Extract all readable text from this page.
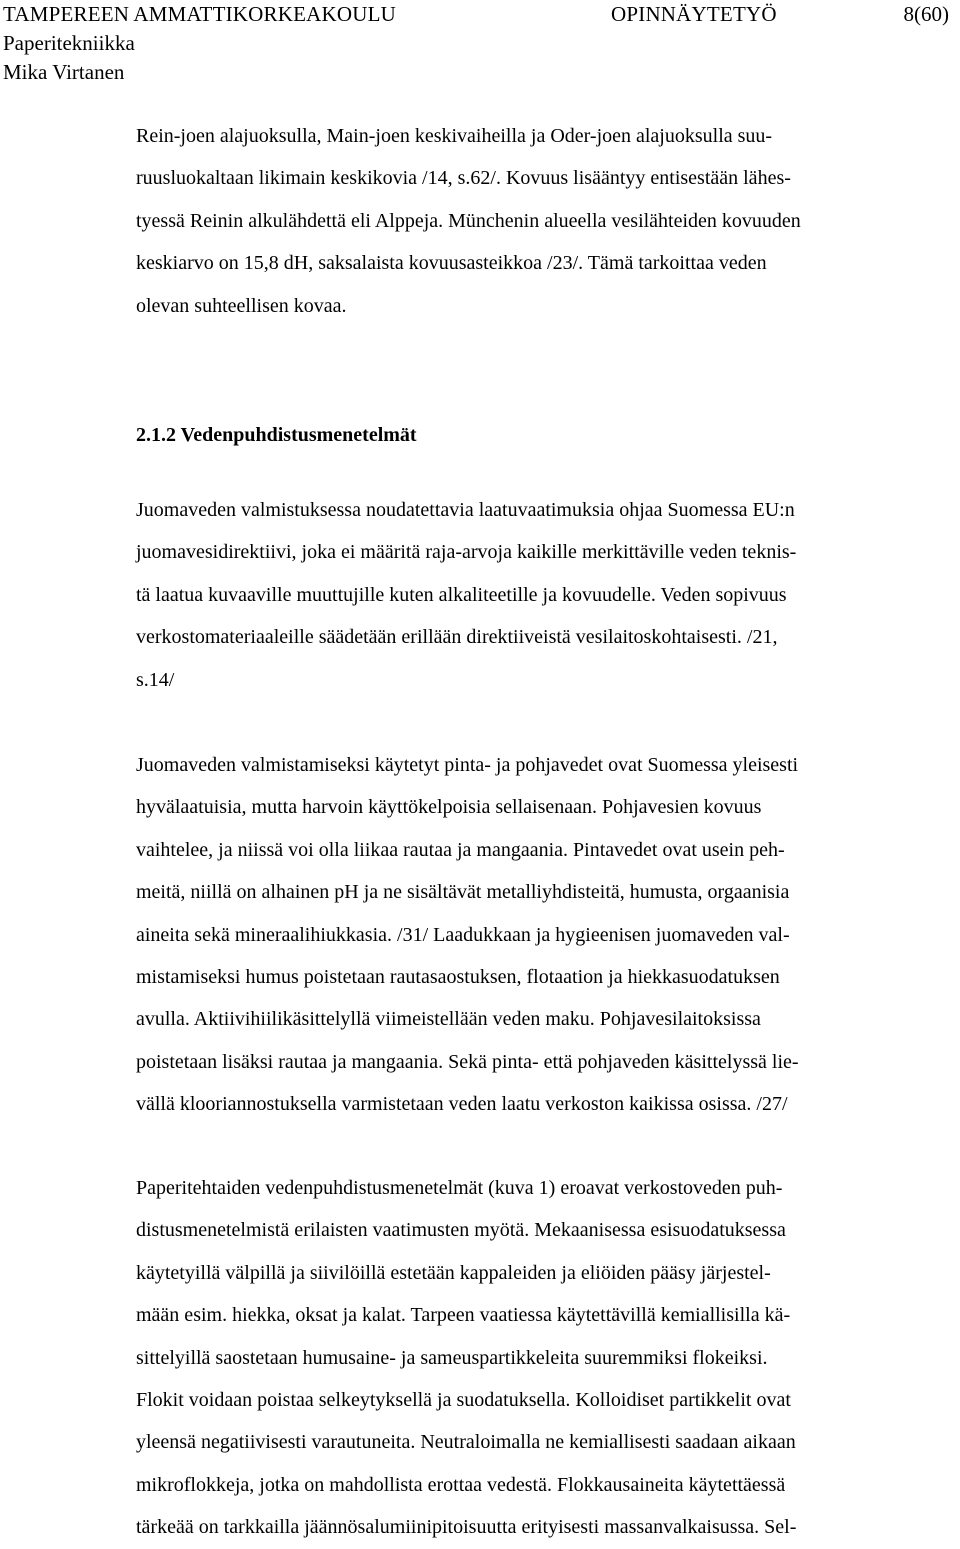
TAMPEREEN AMMATTIKORKEAKOULU	OPINNÄYTETYÖ	8(60)
Paperitekniikka
Mika Virtanen

Rein-joen alajuoksulla, Main-joen keskivaiheilla ja Oder-joen alajuoksulla suu-
ruusluokaltaan likimain keskikovia /14, s.62/. Kovuus lisääntyy entisestään lähes-
tyessä Reinin alkulähdettä eli Alppeja. Münchenin alueella vesilähteiden kovuuden
keskiarvo on 15,8 dH, saksalaista kovuusasteikkoa /23/. Tämä tarkoittaa veden
olevan suhteellisen kovaa.

2.1.2 Vedenpuhdistusmenetelmät

Juomaveden valmistuksessa noudatettavia laatuvaatimuksia ohjaa Suomessa EU:n
juomavesidirektiivi, joka ei määritä raja-arvoja kaikille merkittäville veden teknis-
tä laatua kuvaaville muuttujille kuten alkaliteetille ja kovuudelle. Veden sopivuus
verkostomateriaaleille säädetään erillään direktiiveistä vesilaitoskohtaisesti. /21,
s.14/

Juomaveden valmistamiseksi käytetyt pinta- ja pohjavedet ovat Suomessa yleisesti
hyvälaatuisia, mutta harvoin käyttökelpoisia sellaisenaan. Pohjavesien kovuus
vaihtelee, ja niissä voi olla liikaa rautaa ja mangaania. Pintavedet ovat usein peh-
meitä, niillä on alhainen pH ja ne sisältävät metalliyhdisteitä, humusta, orgaanisia
aineita sekä mineraalihiukkasia. /31/ Laadukkaan ja hygieenisen juomaveden val-
mistamiseksi humus poistetaan rautasaostuksen, flotaation ja hiekkasuodatuksen
avulla. Aktiivihiilikäsittelyllä viimeistellään veden maku. Pohjavesilaitoksissa
poistetaan lisäksi rautaa ja mangaania. Sekä pinta- että pohjaveden käsittelyssä lie-
vällä klooriannostuksella varmistetaan veden laatu verkoston kaikissa osissa. /27/

Paperitehtaiden vedenpuhdistusmenetelmät (kuva 1) eroavat verkostoveden puh-
distusmenetelmistä erilaisten vaatimusten myötä. Mekaanisessa esisuodatuksessa
käytetyillä välpillä ja siivilöillä estetään kappaleiden ja eliöiden pääsy järjestel-
mään esim. hiekka, oksat ja kalat. Tarpeen vaatiessa käytettävillä kemiallisilla kä-
sittelyillä saostetaan humusaine- ja sameuspartikkeleita suuremmiksi flokeiksi.
Flokit voidaan poistaa selkeytyksellä ja suodatuksella. Kolloidiset partikkelit ovat
yleensä negatiivisesti varautuneita. Neutraloimalla ne kemiallisesti saadaan aikaan
mikroflokkeja, jotka on mahdollista erottaa vedestä. Flokkausaineita käytettäessä
tärkeää on tarkkailla jäännösalumiinipitoisuutta erityisesti massanvalkaisussa. Sel-
